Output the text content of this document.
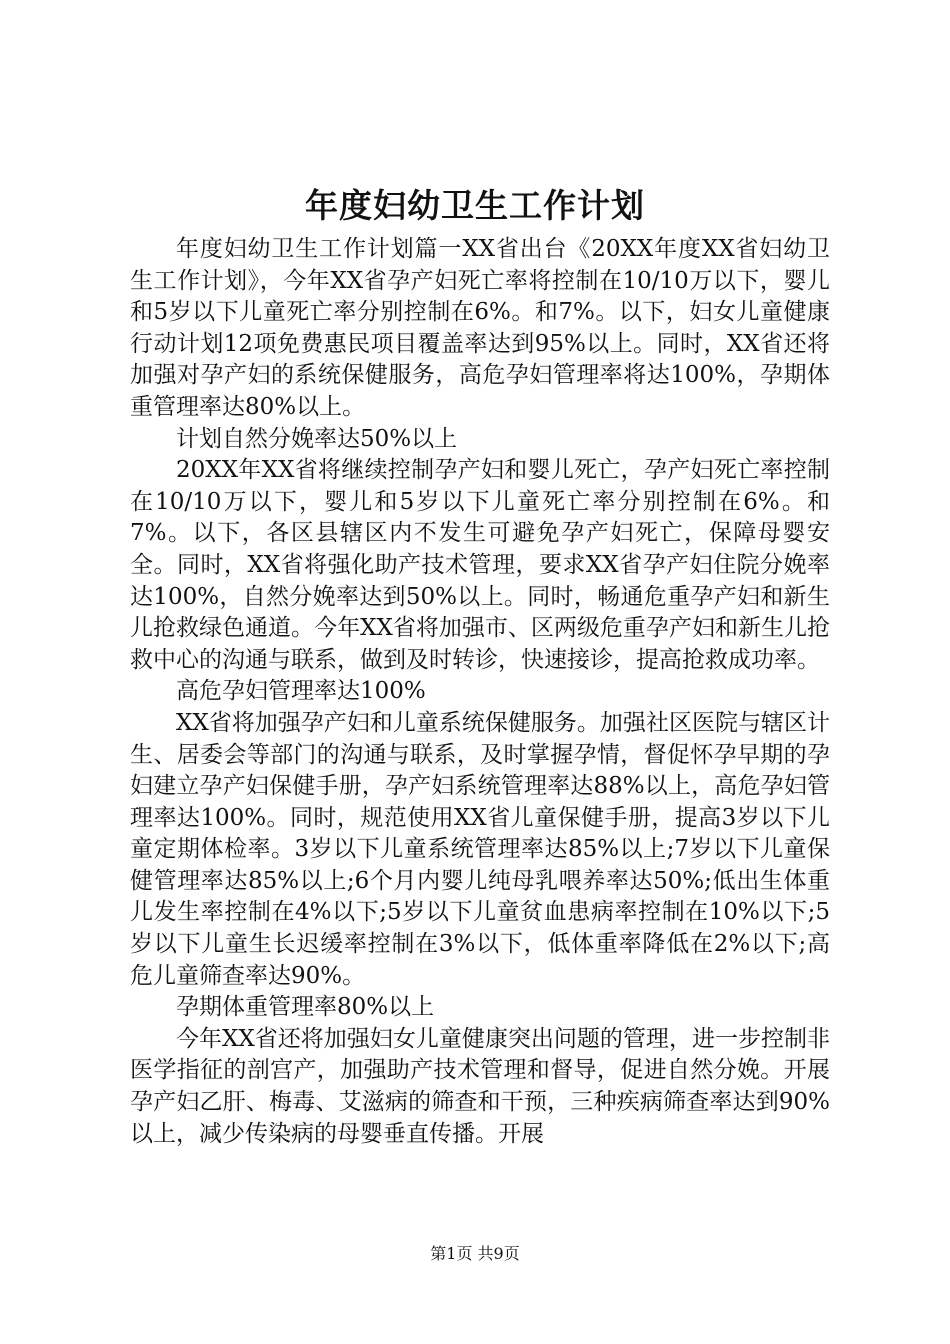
年度妇幼卫生工作计划

年度妇幼卫生工作计划篇一XX省出台《20XX年度XX省妇幼卫生工作计划》，今年XX省孕产妇死亡率将控制在10/10万以下，婴儿和5岁以下儿童死亡率分别控制在6%。和7%。以下，妇女儿童健康行动计划12项免费惠民项目覆盖率达到95%以上。同时，XX省还将加强对孕产妇的系统保健服务，高危孕妇管理率将达100%，孕期体重管理率达80%以上。

计划自然分娩率达50%以上

20XX年XX省将继续控制孕产妇和婴儿死亡，孕产妇死亡率控制在10/10万以下，婴儿和5岁以下儿童死亡率分别控制在6%。和7%。以下，各区县辖区内不发生可避免孕产妇死亡，保障母婴安全。同时，XX省将强化助产技术管理，要求XX省孕产妇住院分娩率达100%，自然分娩率达到50%以上。同时，畅通危重孕产妇和新生儿抢救绿色通道。今年XX省将加强市、区两级危重孕产妇和新生儿抢救中心的沟通与联系，做到及时转诊，快速接诊，提高抢救成功率。

高危孕妇管理率达100%

XX省将加强孕产妇和儿童系统保健服务。加强社区医院与辖区计生、居委会等部门的沟通与联系，及时掌握孕情，督促怀孕早期的孕妇建立孕产妇保健手册，孕产妇系统管理率达88%以上，高危孕妇管理率达100%。同时，规范使用XX省儿童保健手册，提高3岁以下儿童定期体检率。3岁以下儿童系统管理率达85%以上;7岁以下儿童保健管理率达85%以上;6个月内婴儿纯母乳喂养率达50%;低出生体重儿发生率控制在4%以下;5岁以下儿童贫血患病率控制在10%以下;5岁以下儿童生长迟缓率控制在3%以下，低体重率降低在2%以下;高危儿童筛查率达90%。

孕期体重管理率80%以上

今年XX省还将加强妇女儿童健康突出问题的管理，进一步控制非医学指征的剖宫产，加强助产技术管理和督导，促进自然分娩。开展孕产妇乙肝、梅毒、艾滋病的筛查和干预，三种疾病筛查率达到90%以上，减少传染病的母婴垂直传播。开展

第1页 共9页
